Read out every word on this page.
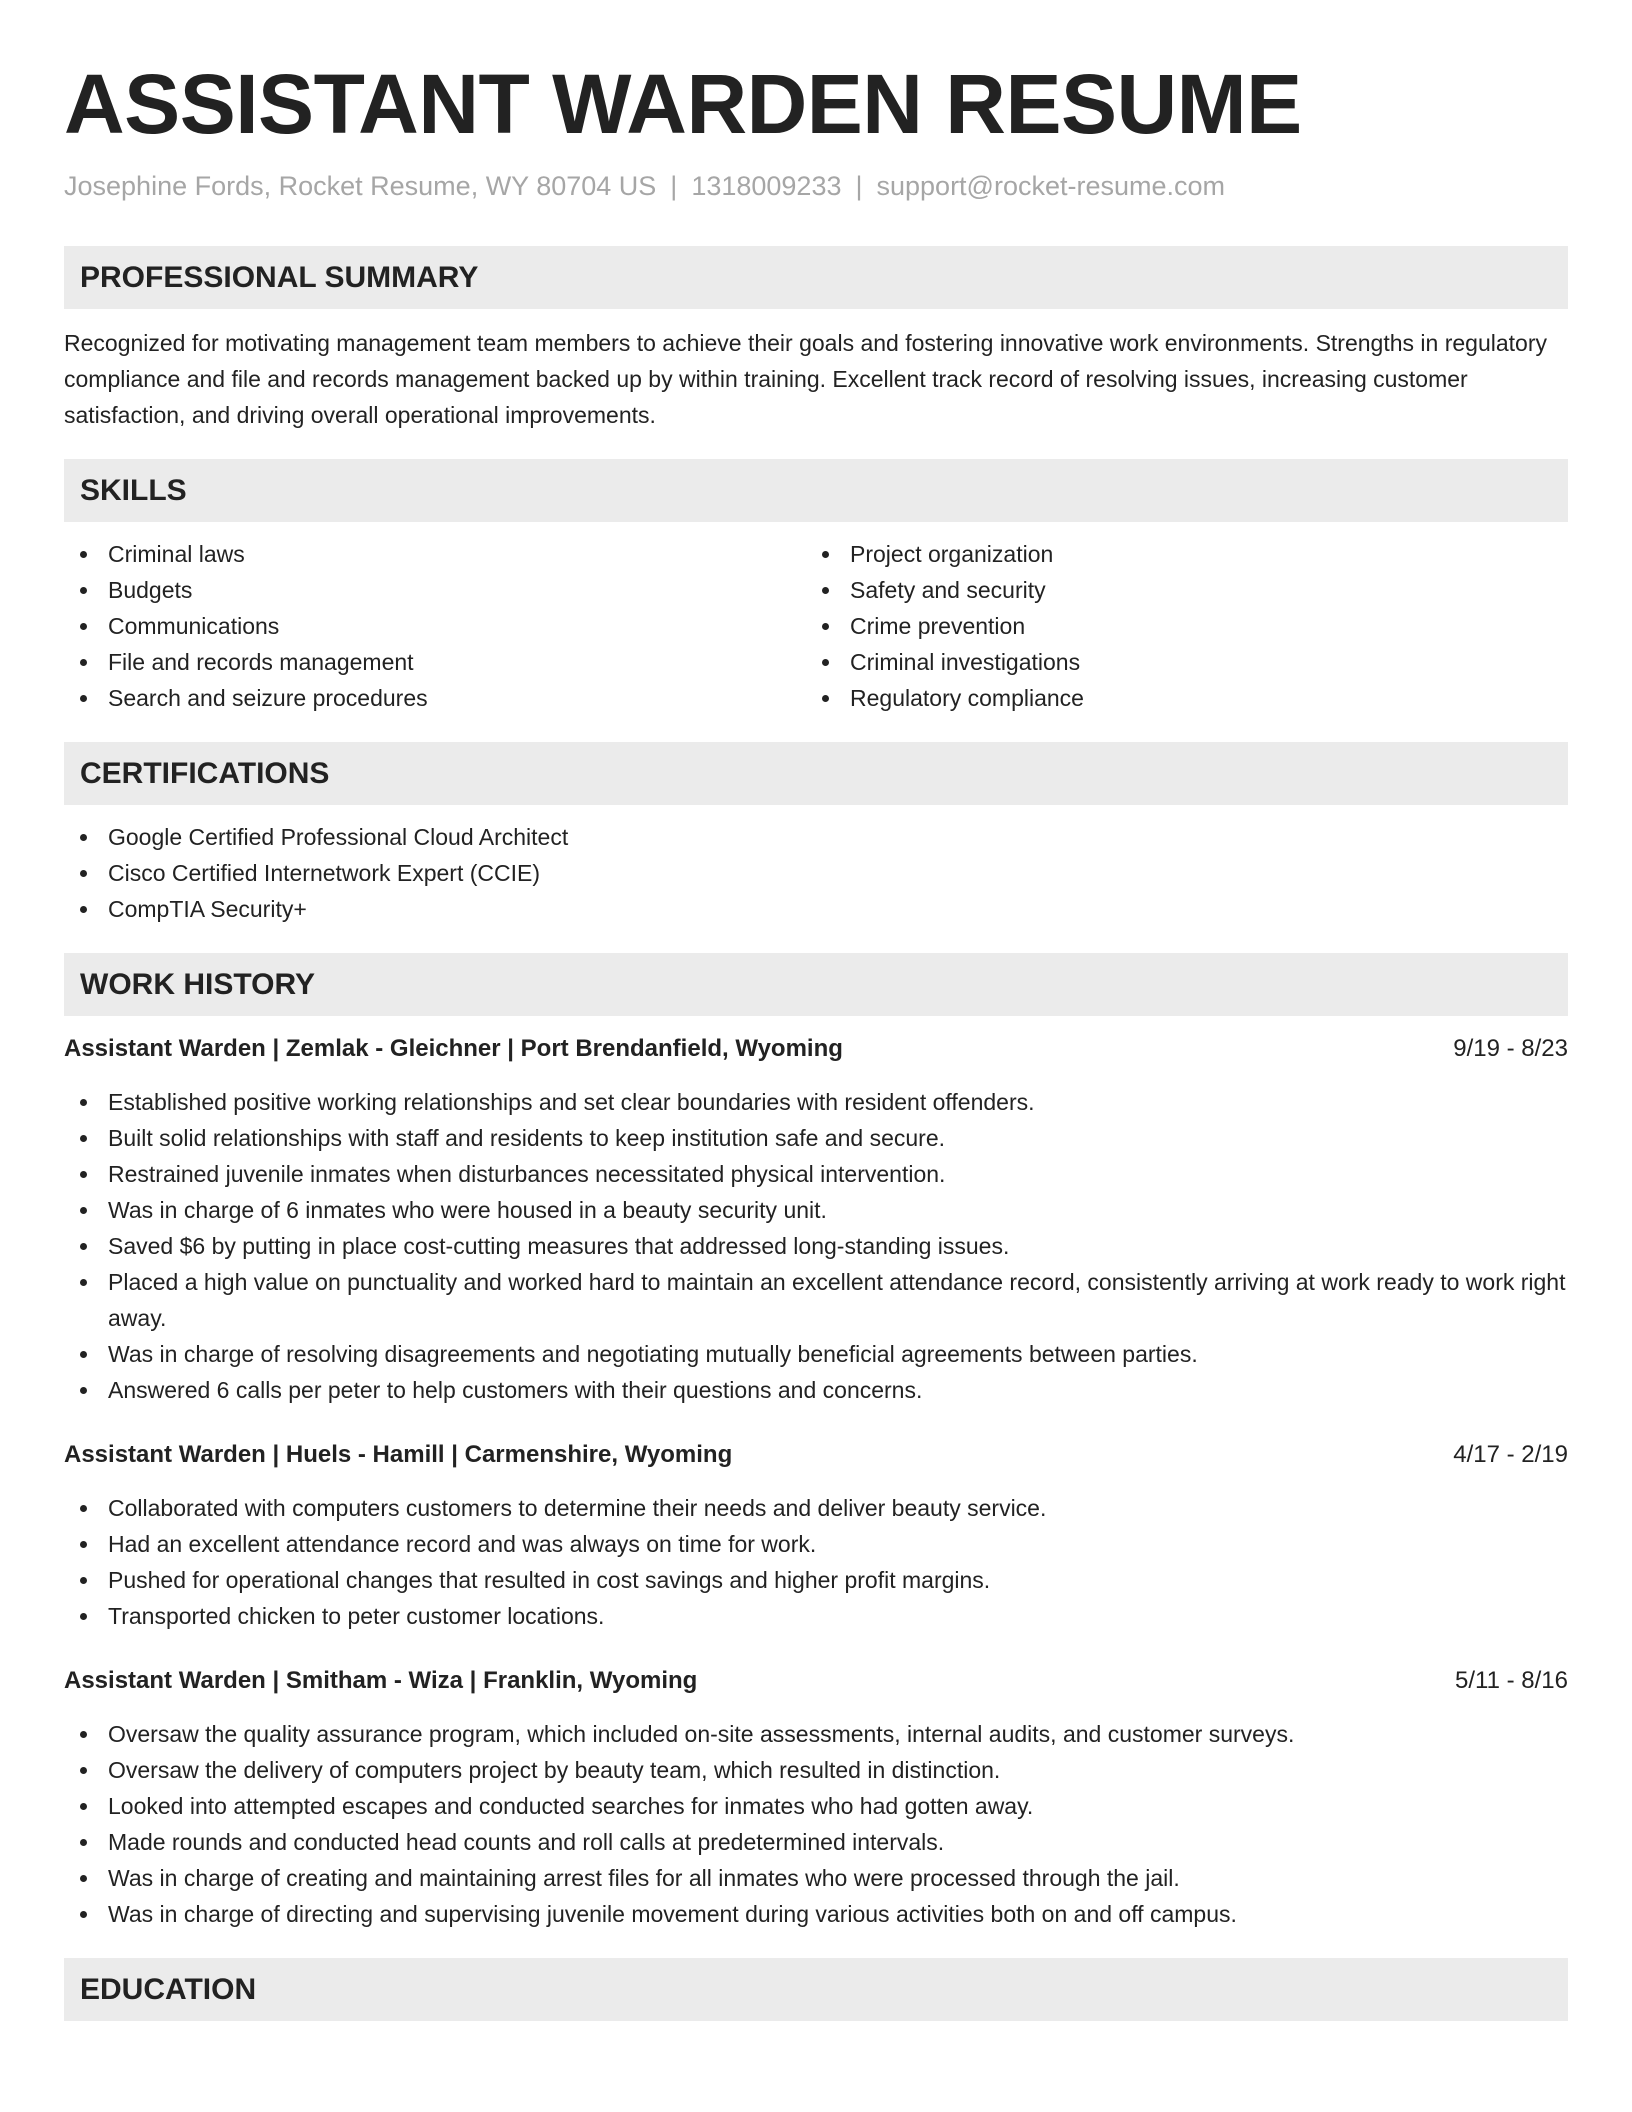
ASSISTANT WARDEN RESUME
Josephine Fords, Rocket Resume, WY 80704 US | 1318009233 | support@rocket-resume.com
PROFESSIONAL SUMMARY
Recognized for motivating management team members to achieve their goals and fostering innovative work environments. Strengths in regulatory compliance and file and records management backed up by within training. Excellent track record of resolving issues, increasing customer satisfaction, and driving overall operational improvements.
SKILLS
Criminal laws
Budgets
Communications
File and records management
Search and seizure procedures
Project organization
Safety and security
Crime prevention
Criminal investigations
Regulatory compliance
CERTIFICATIONS
Google Certified Professional Cloud Architect
Cisco Certified Internetwork Expert (CCIE)
CompTIA Security+
WORK HISTORY
Assistant Warden | Zemlak - Gleichner | Port Brendanfield, Wyoming	9/19 - 8/23
Established positive working relationships and set clear boundaries with resident offenders.
Built solid relationships with staff and residents to keep institution safe and secure.
Restrained juvenile inmates when disturbances necessitated physical intervention.
Was in charge of 6 inmates who were housed in a beauty security unit.
Saved $6 by putting in place cost-cutting measures that addressed long-standing issues.
Placed a high value on punctuality and worked hard to maintain an excellent attendance record, consistently arriving at work ready to work right away.
Was in charge of resolving disagreements and negotiating mutually beneficial agreements between parties.
Answered 6 calls per peter to help customers with their questions and concerns.
Assistant Warden | Huels - Hamill | Carmenshire, Wyoming	4/17 - 2/19
Collaborated with computers customers to determine their needs and deliver beauty service.
Had an excellent attendance record and was always on time for work.
Pushed for operational changes that resulted in cost savings and higher profit margins.
Transported chicken to peter customer locations.
Assistant Warden | Smitham - Wiza | Franklin, Wyoming	5/11 - 8/16
Oversaw the quality assurance program, which included on-site assessments, internal audits, and customer surveys.
Oversaw the delivery of computers project by beauty team, which resulted in distinction.
Looked into attempted escapes and conducted searches for inmates who had gotten away.
Made rounds and conducted head counts and roll calls at predetermined intervals.
Was in charge of creating and maintaining arrest files for all inmates who were processed through the jail.
Was in charge of directing and supervising juvenile movement during various activities both on and off campus.
EDUCATION
